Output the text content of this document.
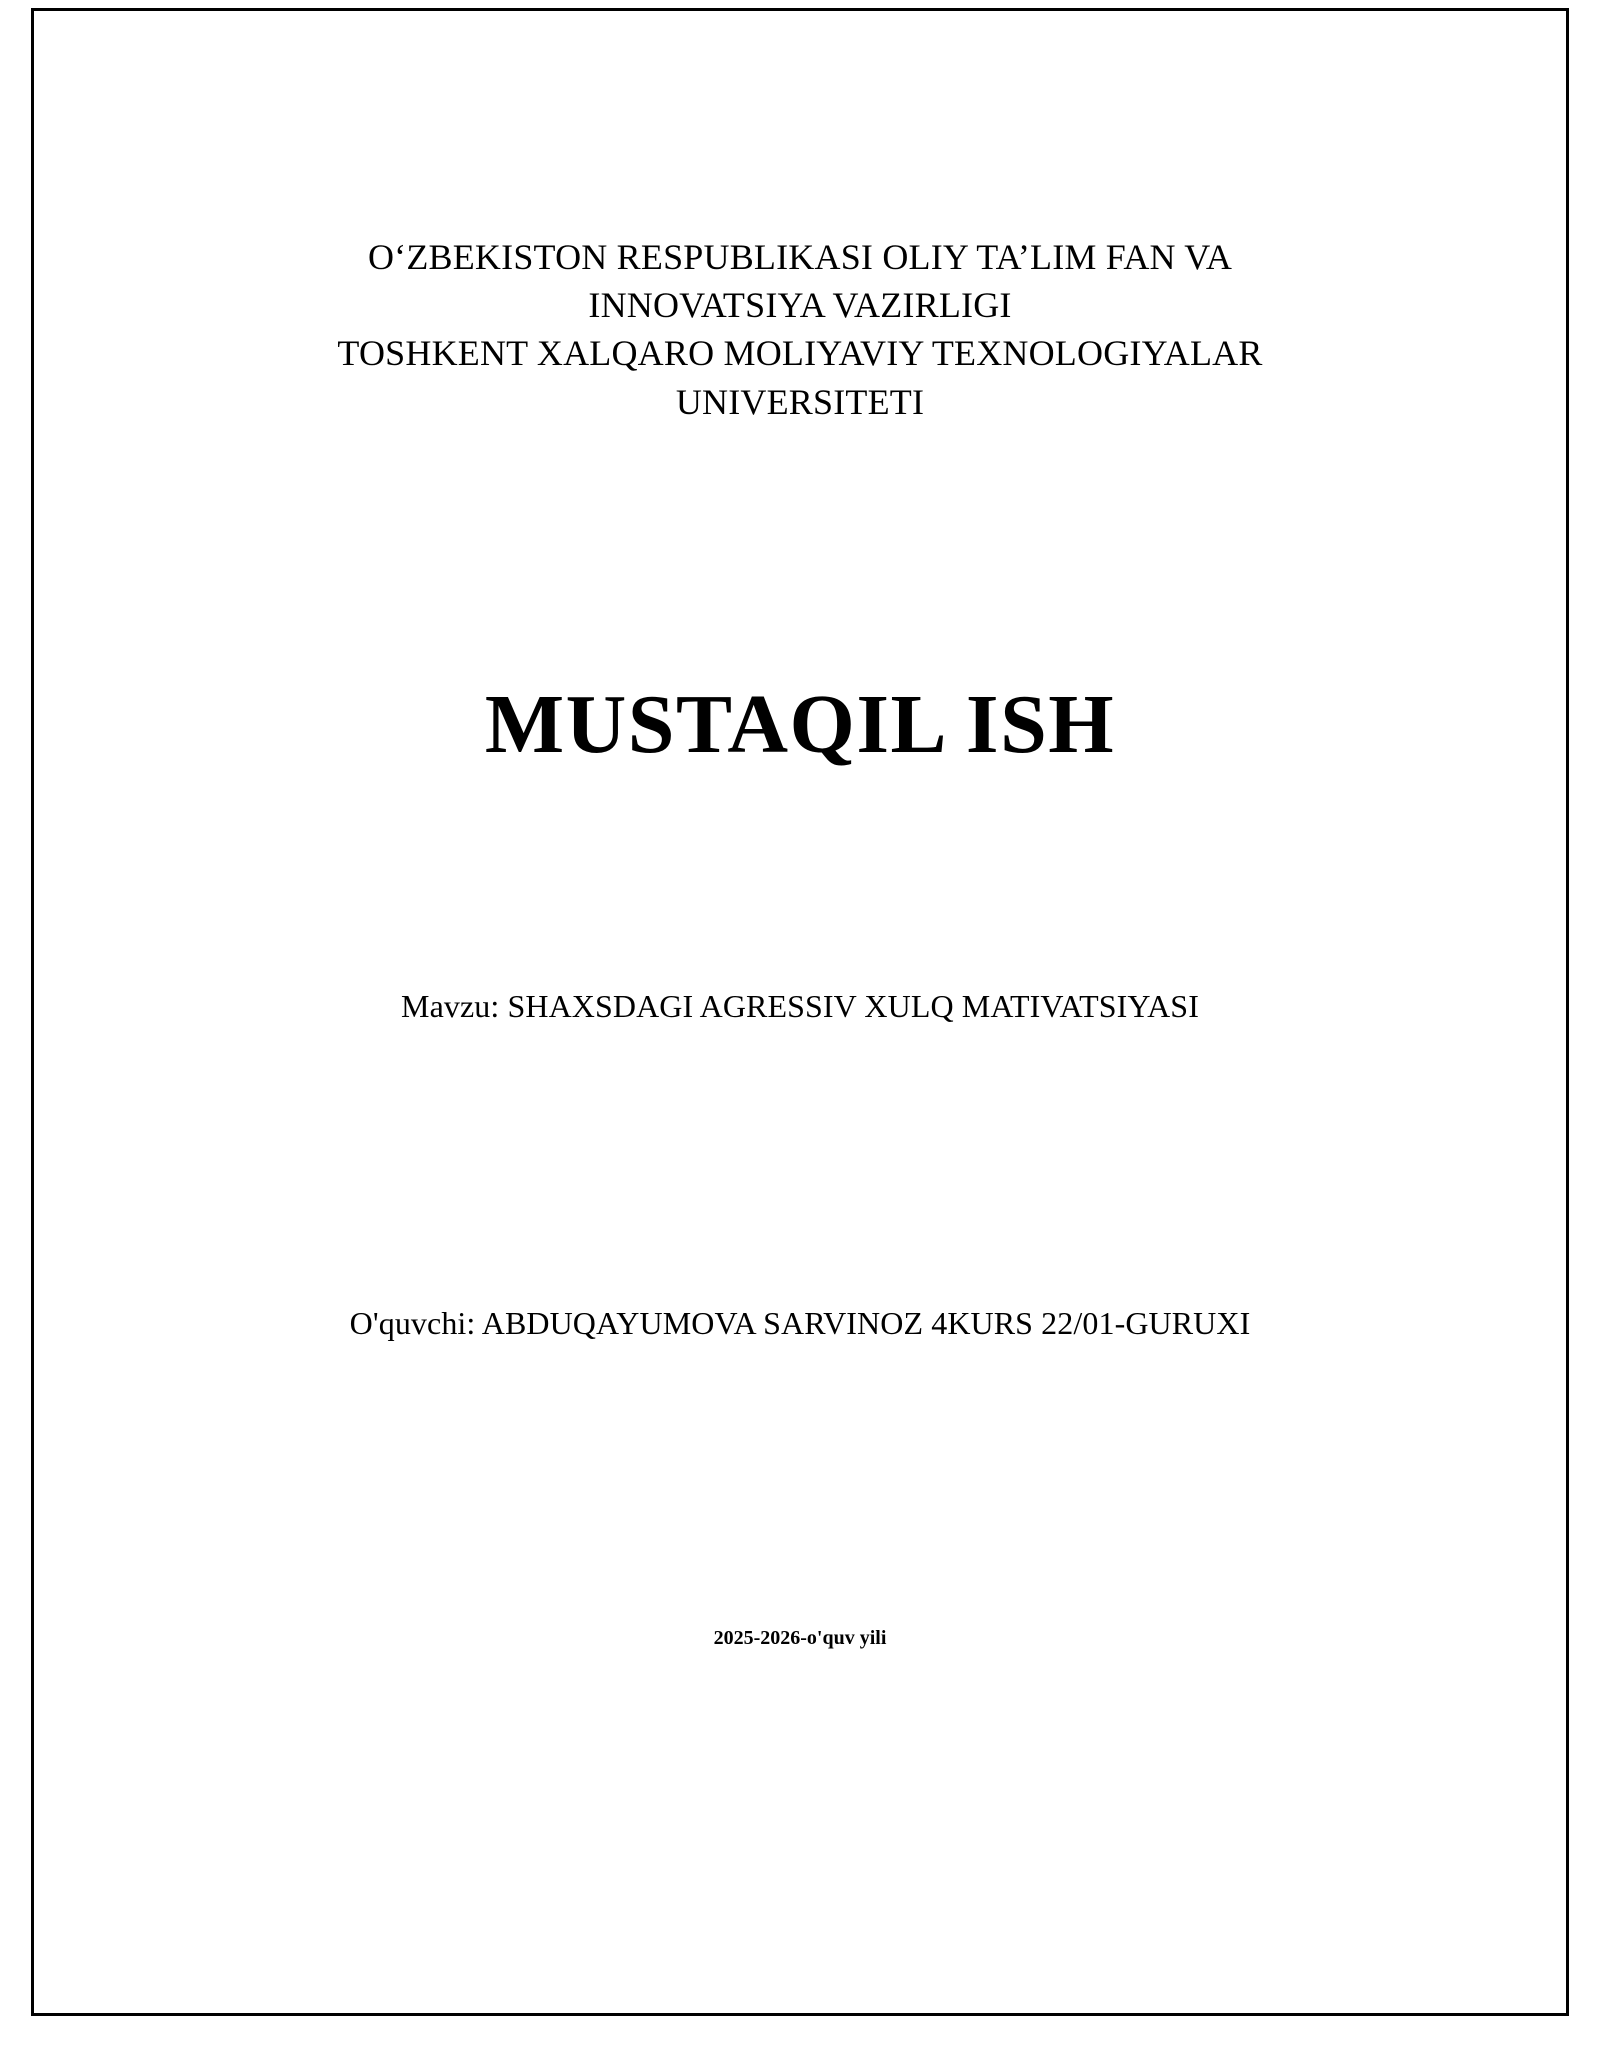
O‘ZBEKISTON RESPUBLIKASI OLIY TA’LIM FAN VA
INNOVATSIYA VAZIRLIGI
TOSHKENT XALQARO MOLIYAVIY TEXNOLOGIYALAR
UNIVERSITETI
MUSTAQIL ISH
Mavzu: SHAXSDAGI AGRESSIV XULQ MATIVATSIYASI
O'quvchi: ABDUQAYUMOVA SARVINOZ 4KURS 22/01-GURUXI
2025-2026-o'quv yili
